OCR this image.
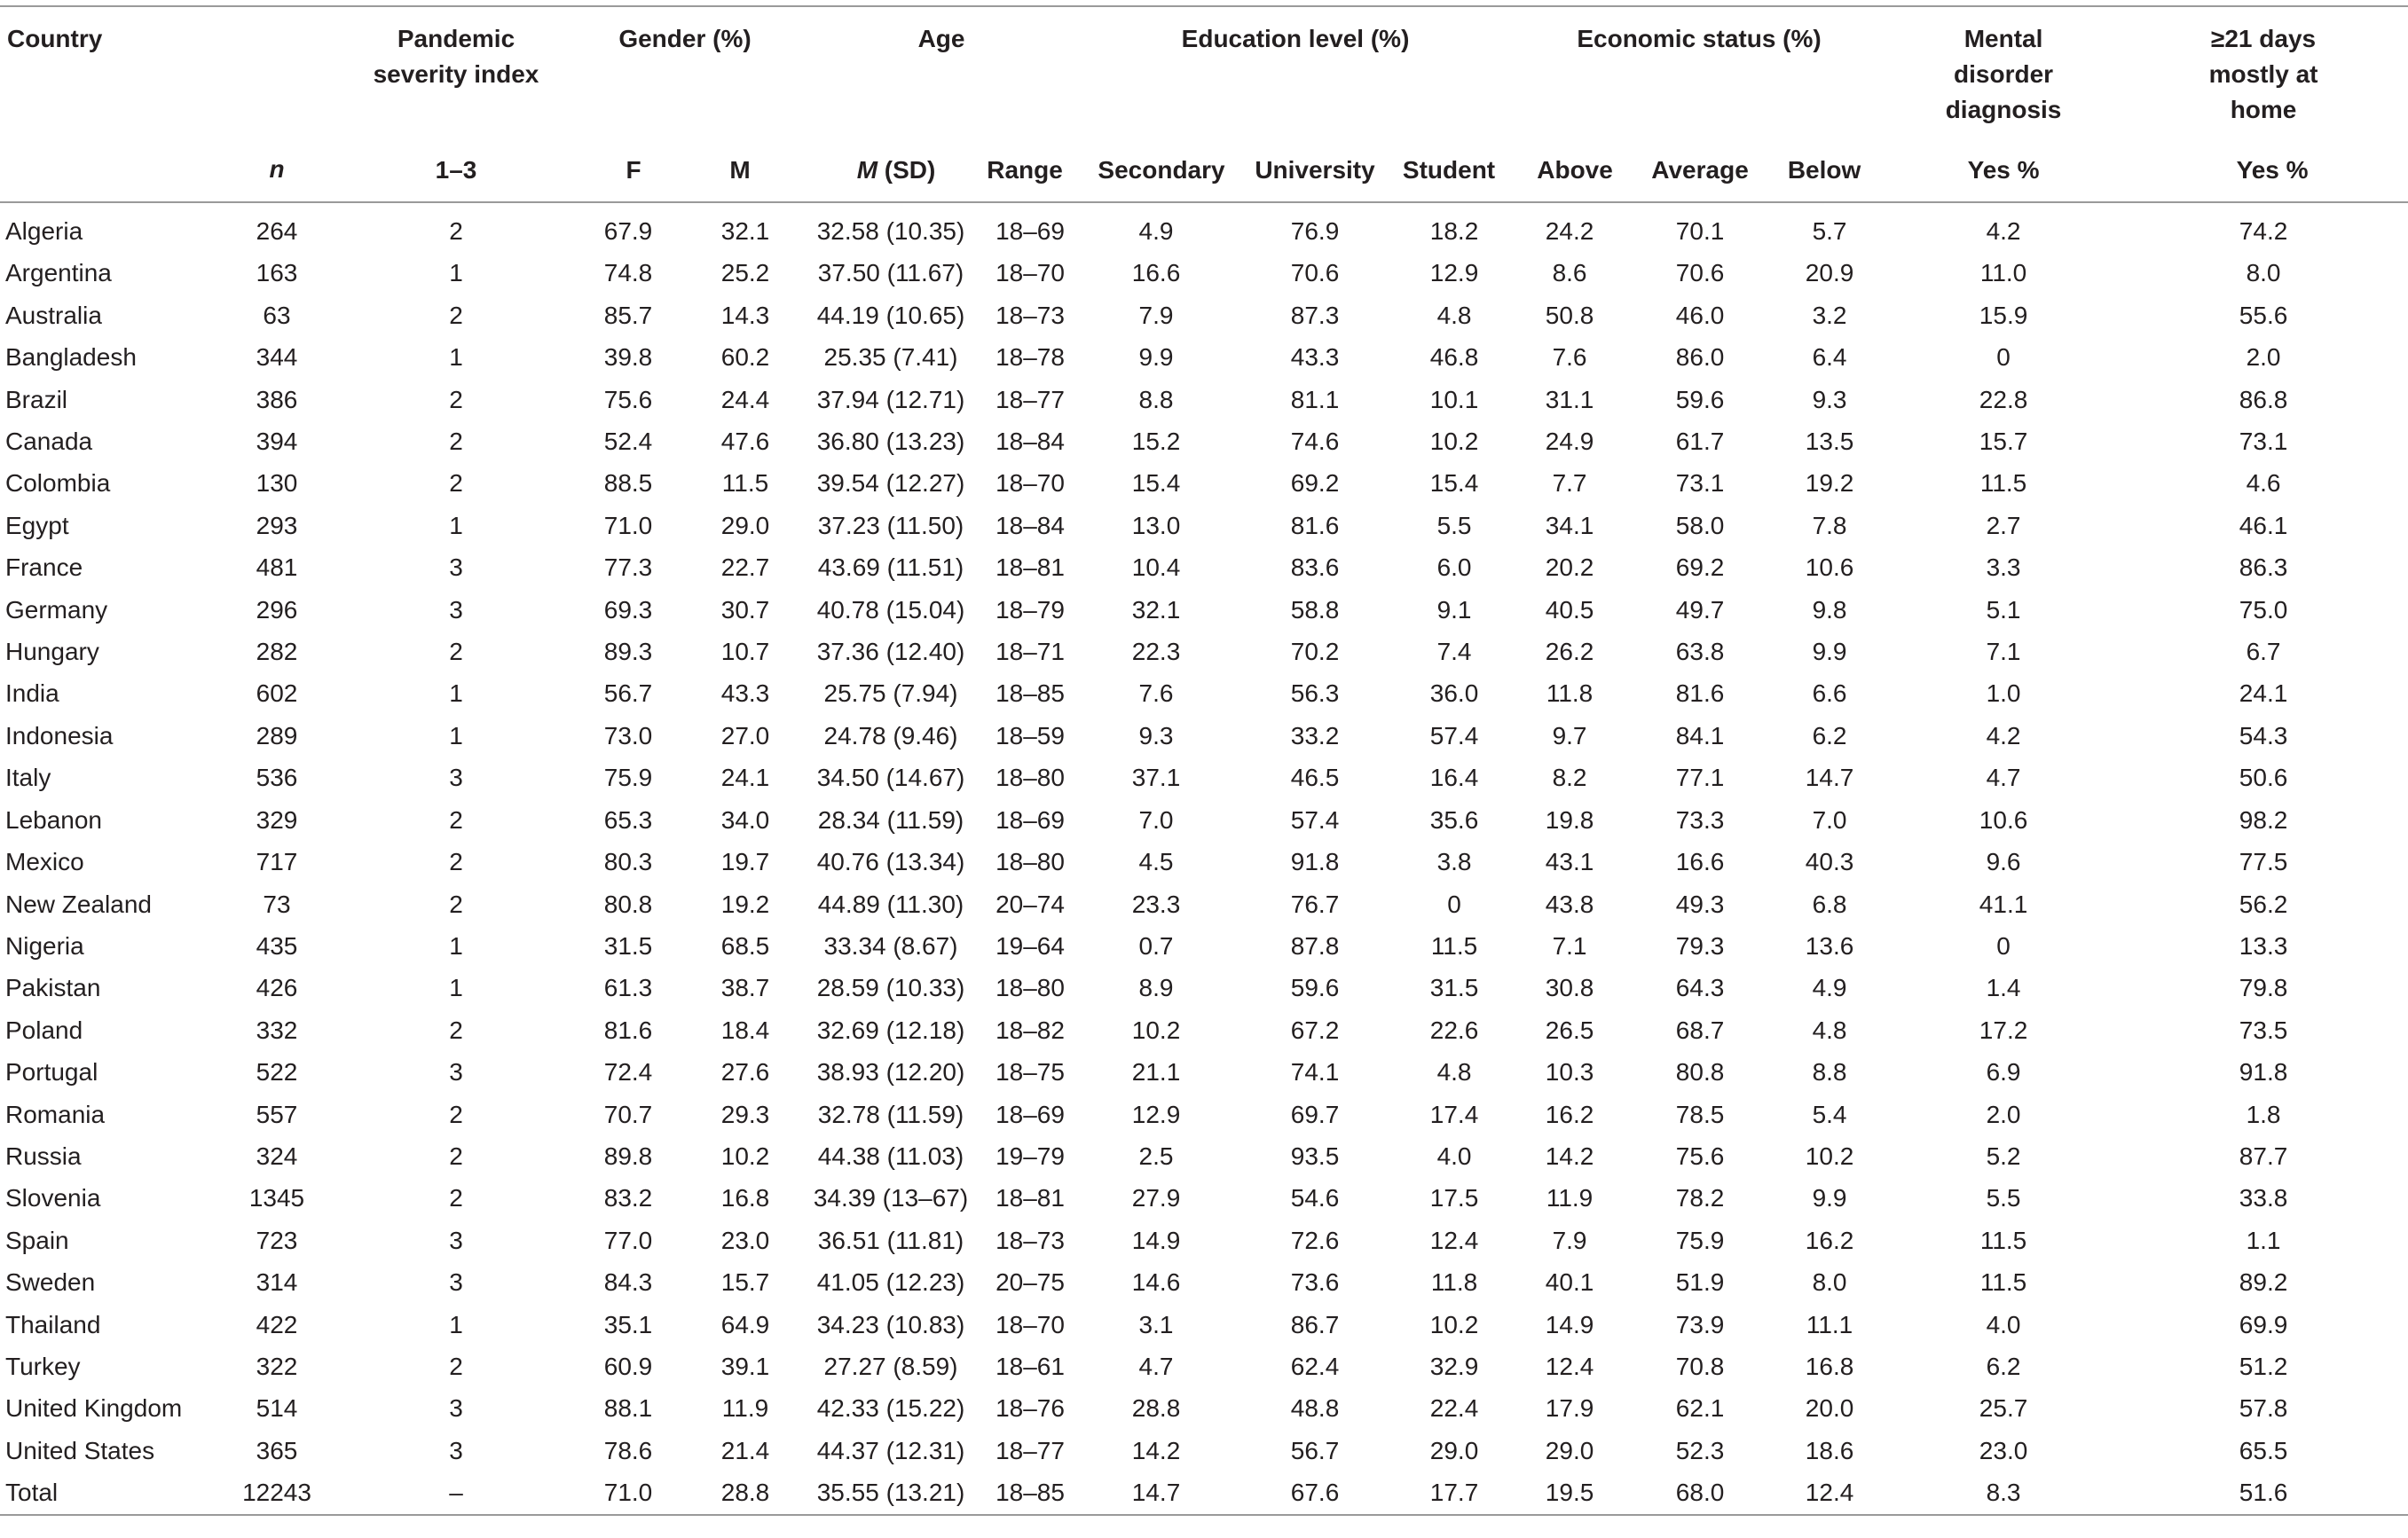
Country		Pandemic
severity index	Gender (%)		Age		Education level (%)			Economic status (%)			Mental
disorder
diagnosis	≥21 days
mostly at
home
	n	1–3	F	M	M (SD)	Range	Secondary	University	Student	Above	Average	Below	Yes %	Yes %

Algeria	264	2	67.9	32.1	32.58 (10.35)	18–69	4.9	76.9	18.2	24.2	70.1	5.7	4.2	74.2
Argentina	163	1	74.8	25.2	37.50 (11.67)	18–70	16.6	70.6	12.9	8.6	70.6	20.9	11.0	8.0
Australia	63	2	85.7	14.3	44.19 (10.65)	18–73	7.9	87.3	4.8	50.8	46.0	3.2	15.9	55.6
Bangladesh	344	1	39.8	60.2	25.35 (7.41)	18–78	9.9	43.3	46.8	7.6	86.0	6.4	0	2.0
Brazil	386	2	75.6	24.4	37.94 (12.71)	18–77	8.8	81.1	10.1	31.1	59.6	9.3	22.8	86.8
Canada	394	2	52.4	47.6	36.80 (13.23)	18–84	15.2	74.6	10.2	24.9	61.7	13.5	15.7	73.1
Colombia	130	2	88.5	11.5	39.54 (12.27)	18–70	15.4	69.2	15.4	7.7	73.1	19.2	11.5	4.6
Egypt	293	1	71.0	29.0	37.23 (11.50)	18–84	13.0	81.6	5.5	34.1	58.0	7.8	2.7	46.1
France	481	3	77.3	22.7	43.69 (11.51)	18–81	10.4	83.6	6.0	20.2	69.2	10.6	3.3	86.3
Germany	296	3	69.3	30.7	40.78 (15.04)	18–79	32.1	58.8	9.1	40.5	49.7	9.8	5.1	75.0
Hungary	282	2	89.3	10.7	37.36 (12.40)	18–71	22.3	70.2	7.4	26.2	63.8	9.9	7.1	6.7
India	602	1	56.7	43.3	25.75 (7.94)	18–85	7.6	56.3	36.0	11.8	81.6	6.6	1.0	24.1
Indonesia	289	1	73.0	27.0	24.78 (9.46)	18–59	9.3	33.2	57.4	9.7	84.1	6.2	4.2	54.3
Italy	536	3	75.9	24.1	34.50 (14.67)	18–80	37.1	46.5	16.4	8.2	77.1	14.7	4.7	50.6
Lebanon	329	2	65.3	34.0	28.34 (11.59)	18–69	7.0	57.4	35.6	19.8	73.3	7.0	10.6	98.2
Mexico	717	2	80.3	19.7	40.76 (13.34)	18–80	4.5	91.8	3.8	43.1	16.6	40.3	9.6	77.5
New Zealand	73	2	80.8	19.2	44.89 (11.30)	20–74	23.3	76.7	0	43.8	49.3	6.8	41.1	56.2
Nigeria	435	1	31.5	68.5	33.34 (8.67)	19–64	0.7	87.8	11.5	7.1	79.3	13.6	0	13.3
Pakistan	426	1	61.3	38.7	28.59 (10.33)	18–80	8.9	59.6	31.5	30.8	64.3	4.9	1.4	79.8
Poland	332	2	81.6	18.4	32.69 (12.18)	18–82	10.2	67.2	22.6	26.5	68.7	4.8	17.2	73.5
Portugal	522	3	72.4	27.6	38.93 (12.20)	18–75	21.1	74.1	4.8	10.3	80.8	8.8	6.9	91.8
Romania	557	2	70.7	29.3	32.78 (11.59)	18–69	12.9	69.7	17.4	16.2	78.5	5.4	2.0	1.8
Russia	324	2	89.8	10.2	44.38 (11.03)	19–79	2.5	93.5	4.0	14.2	75.6	10.2	5.2	87.7
Slovenia	1345	2	83.2	16.8	34.39 (13–67)	18–81	27.9	54.6	17.5	11.9	78.2	9.9	5.5	33.8
Spain	723	3	77.0	23.0	36.51 (11.81)	18–73	14.9	72.6	12.4	7.9	75.9	16.2	11.5	1.1
Sweden	314	3	84.3	15.7	41.05 (12.23)	20–75	14.6	73.6	11.8	40.1	51.9	8.0	11.5	89.2
Thailand	422	1	35.1	64.9	34.23 (10.83)	18–70	3.1	86.7	10.2	14.9	73.9	11.1	4.0	69.9
Turkey	322	2	60.9	39.1	27.27 (8.59)	18–61	4.7	62.4	32.9	12.4	70.8	16.8	6.2	51.2
United Kingdom	514	3	88.1	11.9	42.33 (15.22)	18–76	28.8	48.8	22.4	17.9	62.1	20.0	25.7	57.8
United States	365	3	78.6	21.4	44.37 (12.31)	18–77	14.2	56.7	29.0	29.0	52.3	18.6	23.0	65.5
Total	12243	–	71.0	28.8	35.55 (13.21)	18–85	14.7	67.6	17.7	19.5	68.0	12.4	8.3	51.6
